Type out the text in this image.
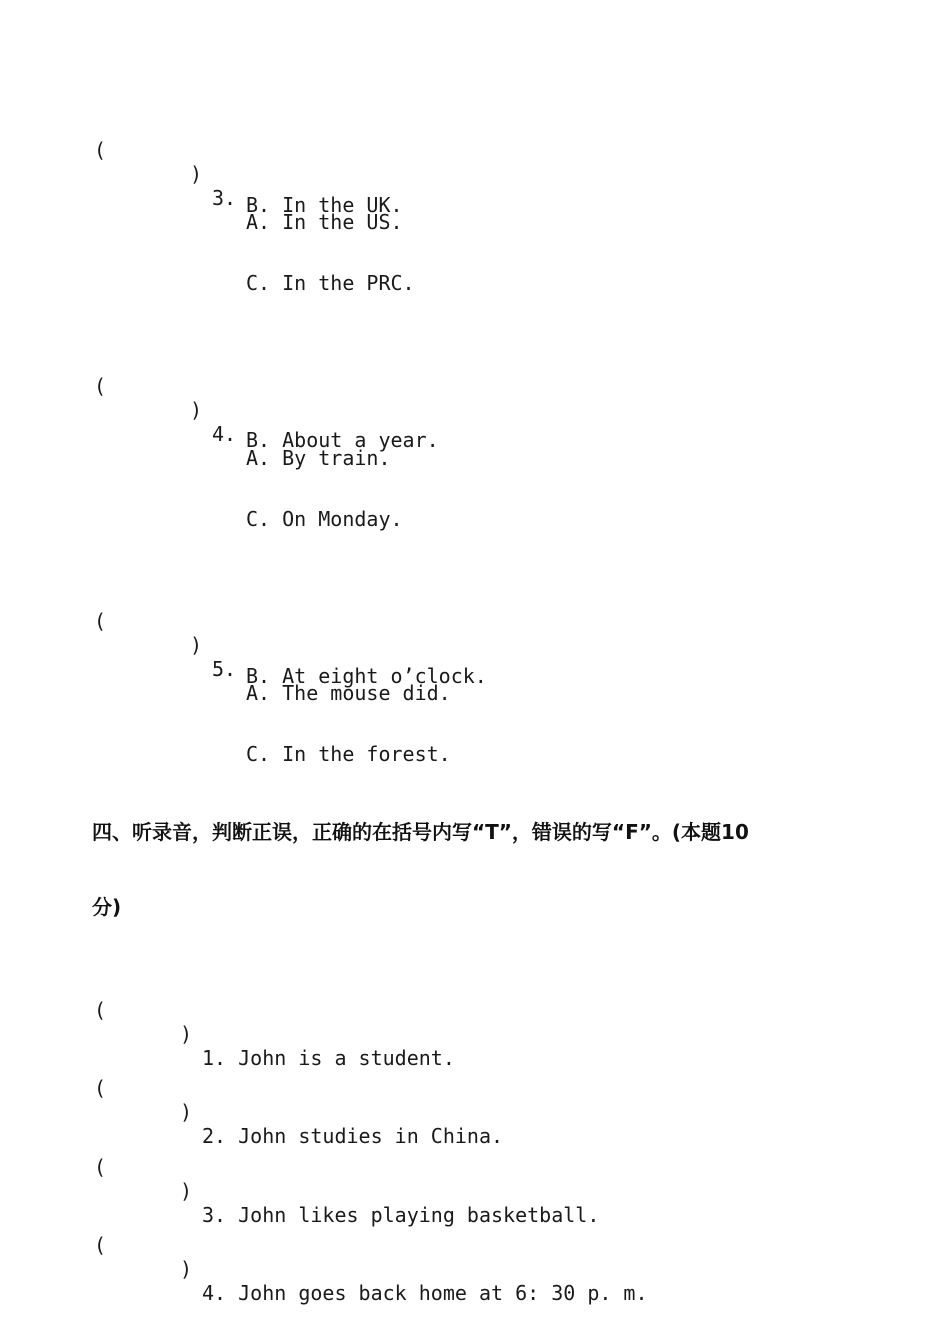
(

)

3.

A. In the US.

B. In the UK.
C. In the PRC.

(

)

4.

A. By train.

B. About a year.
C. On Monday.

(

)

5.

A. The mouse did.

B. At eight o’clock.
C. In the forest.
四、听录音，判断正误，正确的在括号内写“T”，错误的写“F”。(本题10
分)

(

)

1. John is a student.

(

)

2. John studies in China.

(

)

3. John likes playing basketball.

(

)

4. John goes back home at 6: 30 p. m.
